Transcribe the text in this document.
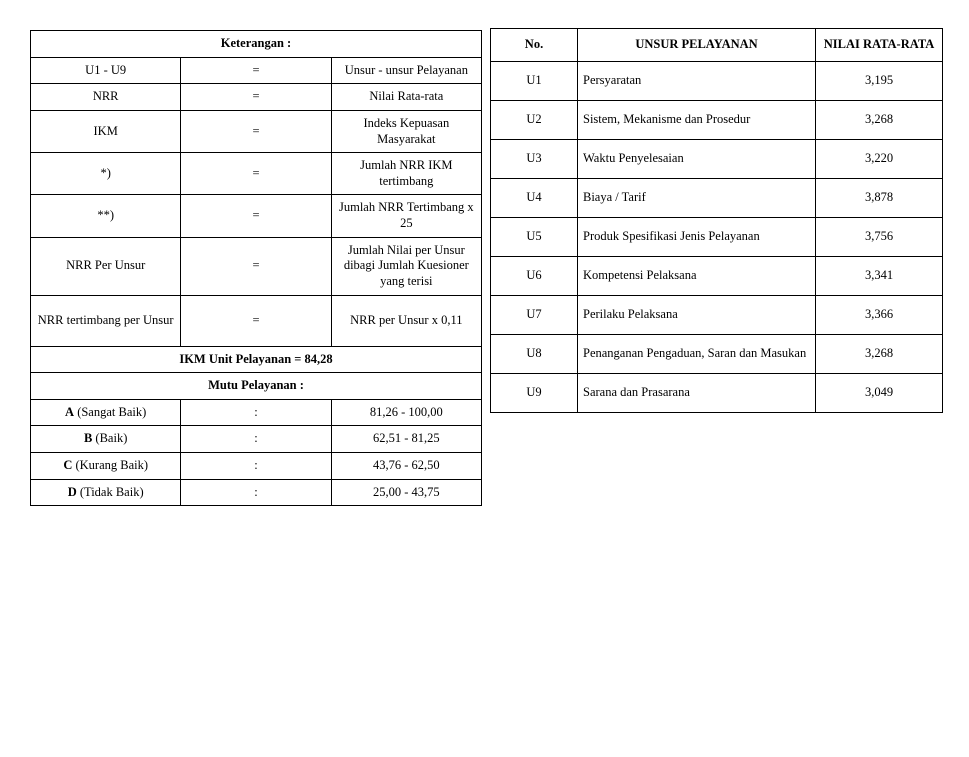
Keterangan :		
U1 - U9	=	Unsur - unsur Pelayanan
NRR	=	Nilai Rata-rata
IKM	=	Indeks Kepuasan Masyarakat
*)	=	Jumlah NRR IKM tertimbang
**)	=	Jumlah NRR Tertimbang x 25
NRR Per Unsur	=	Jumlah Nilai per Unsur dibagi Jumlah Kuesioner yang terisi
NRR tertimbang per Unsur	=	NRR per Unsur x 0,11
IKM Unit Pelayanan = 84,28		
Mutu Pelayanan :		
A (Sangat Baik)	:	81,26 - 100,00
B (Baik)	:	62,51 - 81,25
C (Kurang Baik)	:	43,76 - 62,50
D (Tidak Baik)	:	25,00 - 43,75
No.	UNSUR PELAYANAN	NILAI RATA-RATA
U1	Persyaratan	3,195
U2	Sistem, Mekanisme dan Prosedur	3,268
U3	Waktu Penyelesaian	3,220
U4	Biaya / Tarif	3,878
U5	Produk Spesifikasi Jenis Pelayanan	3,756
U6	Kompetensi Pelaksana	3,341
U7	Perilaku Pelaksana	3,366
U8	Penanganan Pengaduan, Saran dan Masukan	3,268
U9	Sarana dan Prasarana	3,049
